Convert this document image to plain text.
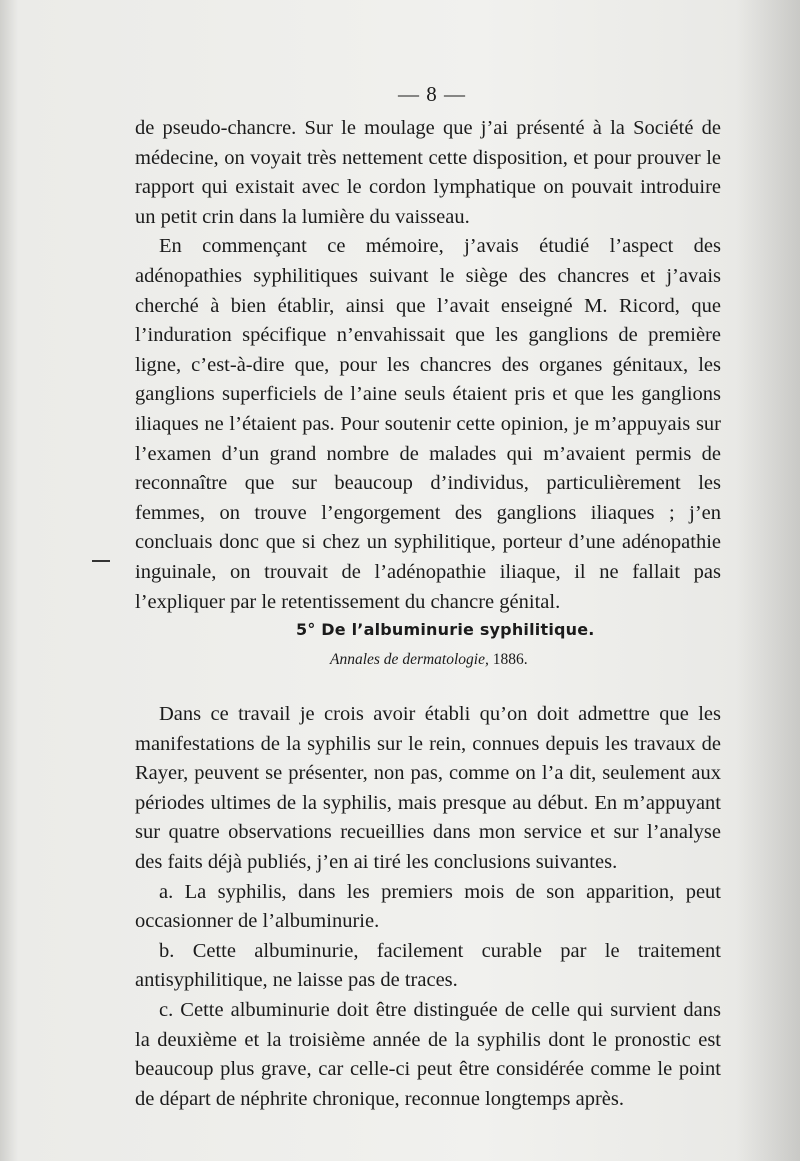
— 8 —

de pseudo-chancre. Sur le moulage que j’ai présenté à la Société de médecine, on voyait très nettement cette disposition, et pour prouver le rapport qui existait avec le cordon lymphatique on pouvait introduire un petit crin dans la lumière du vaisseau.

En commençant ce mémoire, j’avais étudié l’aspect des adénopathies syphilitiques suivant le siège des chancres et j’avais cherché à bien établir, ainsi que l’avait enseigné M. Ricord, que l’induration spécifique n’envahissait que les ganglions de première ligne, c’est-à-dire que, pour les chancres des organes génitaux, les ganglions superficiels de l’aine seuls étaient pris et que les ganglions iliaques ne l’étaient pas. Pour soutenir cette opinion, je m’appuyais sur l’examen d’un grand nombre de malades qui m’avaient permis de reconnaître que sur beaucoup d’individus, particulièrement les femmes, on trouve l’engorgement des ganglions iliaques ; j’en concluais donc que si chez un syphilitique, porteur d’une adénopathie inguinale, on trouvait de l’adénopathie iliaque, il ne fallait pas l’expliquer par le retentissement du chancre génital.

5° De l’albuminurie syphilitique.
Annales de dermatologie, 1886.

Dans ce travail je crois avoir établi qu’on doit admettre que les manifestations de la syphilis sur le rein, connues depuis les travaux de Rayer, peuvent se présenter, non pas, comme on l’a dit, seulement aux périodes ultimes de la syphilis, mais presque au début. En m’appuyant sur quatre observations recueillies dans mon service et sur l’analyse des faits déjà publiés, j’en ai tiré les conclusions suivantes.

a. La syphilis, dans les premiers mois de son apparition, peut occasionner de l’albuminurie.

b. Cette albuminurie, facilement curable par le traitement antisyphilitique, ne laisse pas de traces.

c. Cette albuminurie doit être distinguée de celle qui survient dans la deuxième et la troisième année de la syphilis dont le pronostic est beaucoup plus grave, car celle-ci peut être considérée comme le point de départ de néphrite chronique, reconnue longtemps après.
